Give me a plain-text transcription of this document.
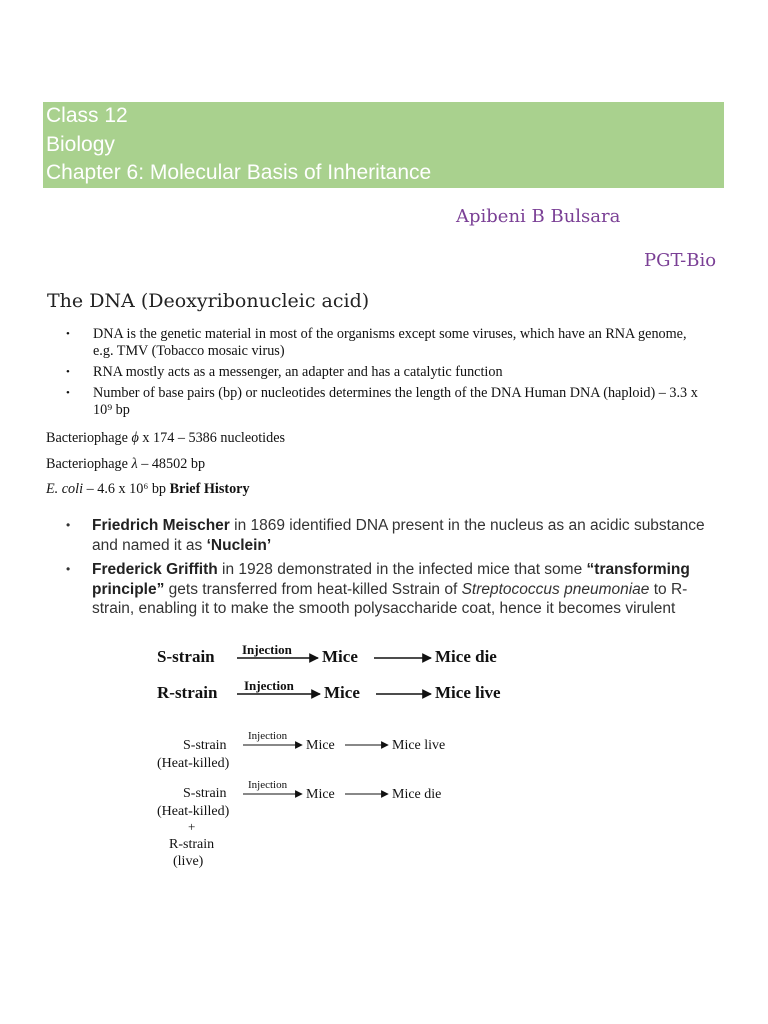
Class 12
Biology
Chapter 6: Molecular Basis of Inheritance
Apibeni B Bulsara
PGT-Bio
The DNA (Deoxyribonucleic acid)
• DNA is the genetic material in most of the organisms except some viruses, which have an RNA genome, e.g. TMV (Tobacco mosaic virus)
• RNA mostly acts as a messenger, an adapter and has a catalytic function
• Number of base pairs (bp) or nucleotides determines the length of the DNA Human DNA (haploid) – 3.3 x 10⁹ bp
Bacteriophage ϕ x 174 – 5386 nucleotides
Bacteriophage λ – 48502 bp
E. coli – 4.6 x 10⁶ bp Brief History
• Friedrich Meischer in 1869 identified DNA present in the nucleus as an acidic substance and named it as ‘Nuclein’
• Frederick Griffith in 1928 demonstrated in the infected mice that some “transforming principle” gets transferred from heat-killed Sstrain of Streptococcus pneumoniae to R-strain, enabling it to make the smooth polysaccharide coat, hence it becomes virulent
S-strain Injection Mice	Mice die
R-strain Injection Mice	Mice live
S-strain
(Heat-killed)
Injection
Mice	Mice live
S-strain
(Heat-killed)
+
R-strain
(live)
Injection
Mice	Mice die
